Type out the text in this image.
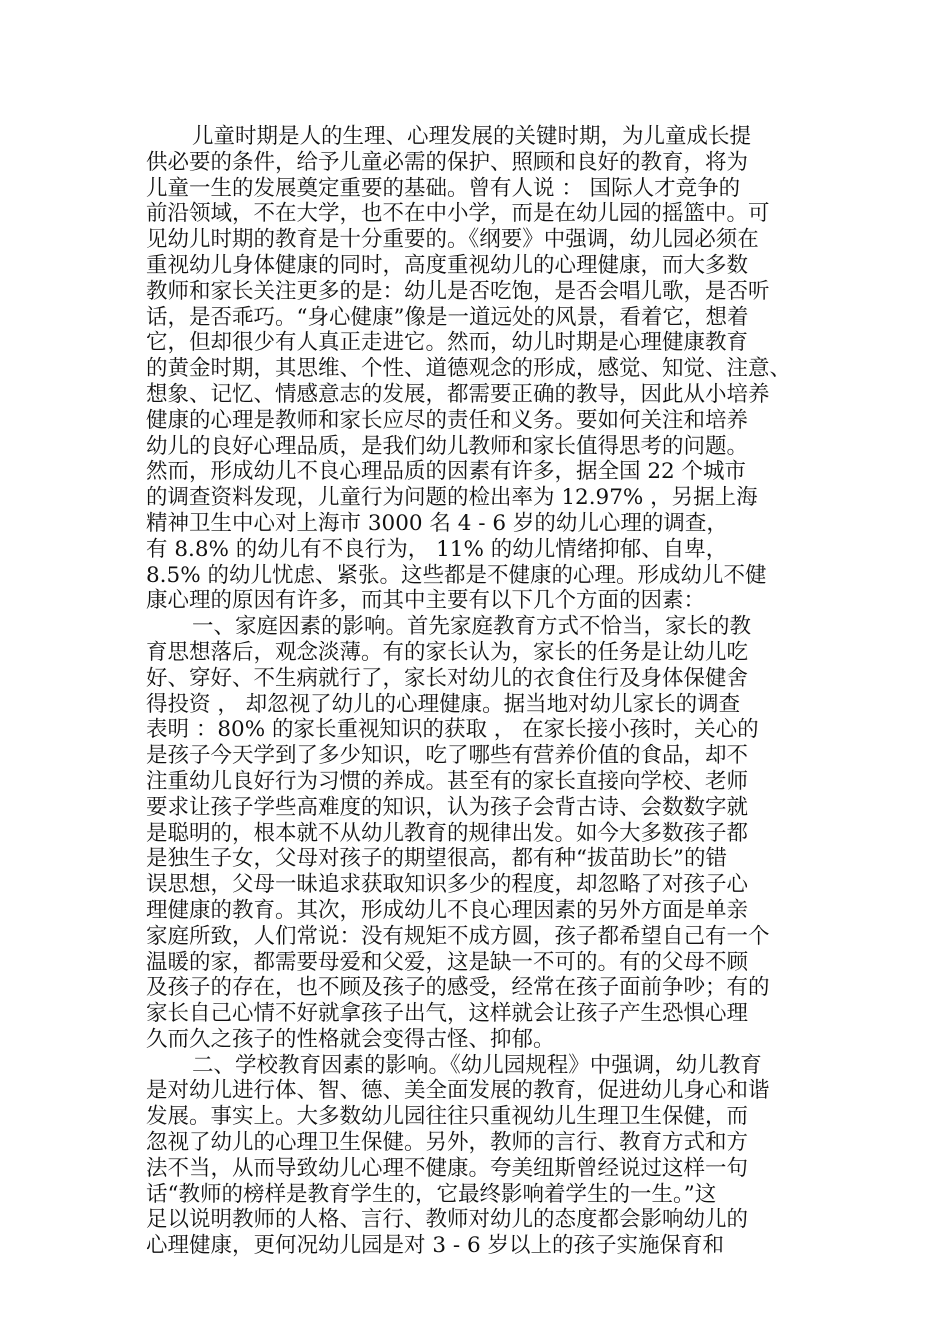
儿童时期是人的生理、心理发展的关键时期，为儿童成长提
供必要的条件，给予儿童必需的保护、照顾和良好的教育，将为
儿童一生的发展奠定重要的基础。曾有人说 ： 国际人才竞争的
前沿领域，不在大学，也不在中小学，而是在幼儿园的摇篮中。可
见幼儿时期的教育是十分重要的。《纲要》中强调，幼儿园必须在
重视幼儿身体健康的同时，高度重视幼儿的心理健康，而大多数
教师和家长关注更多的是：幼儿是否吃饱，是否会唱儿歌，是否听
话，是否乖巧。“身心健康”像是一道远处的风景，看着它，想着
它，但却很少有人真正走进它。然而，幼儿时期是心理健康教育
的黄金时期，其思维、个性、道德观念的形成，感觉、知觉、注意、
想象、记忆、情感意志的发展，都需要正确的教导，因此从小培养
健康的心理是教师和家长应尽的责任和义务。要如何关注和培养
幼儿的良好心理品质，是我们幼儿教师和家长值得思考的问题。
然而，形成幼儿不良心理品质的因素有许多，据全国 22 个城市
的调查资料发现，儿童行为问题的检出率为 12.97% ，另据上海
精神卫生中心对上海市 3000 名 4 - 6 岁的幼儿心理的调查，
有 8.8% 的幼儿有不良行为， 11% 的幼儿情绪抑郁、自卑，
8.5% 的幼儿忧虑、紧张。这些都是不健康的心理。形成幼儿不健
康心理的原因有许多，而其中主要有以下几个方面的因素：
一、家庭因素的影响。首先家庭教育方式不恰当，家长的教
育思想落后，观念淡薄。有的家长认为，家长的任务是让幼儿吃
好、穿好、不生病就行了，家长对幼儿的衣食住行及身体保健舍
得投资 ， 却忽视了幼儿的心理健康。据当地对幼儿家长的调查
表明 ：80% 的家长重视知识的获取 ， 在家长接小孩时，关心的
是孩子今天学到了多少知识，吃了哪些有营养价值的食品，却不
注重幼儿良好行为习惯的养成。甚至有的家长直接向学校、老师
要求让孩子学些高难度的知识，认为孩子会背古诗、会数数字就
是聪明的，根本就不从幼儿教育的规律出发。如今大多数孩子都
是独生子女，父母对孩子的期望很高，都有种“拔苗助长”的错
误思想，父母一昧追求获取知识多少的程度，却忽略了对孩子心
理健康的教育。其次，形成幼儿不良心理因素的另外方面是单亲
家庭所致，人们常说：没有规矩不成方圆，孩子都希望自己有一个
温暖的家，都需要母爱和父爱，这是缺一不可的。有的父母不顾
及孩子的存在，也不顾及孩子的感受，经常在孩子面前争吵；有的
家长自己心情不好就拿孩子出气，这样就会让孩子产生恐惧心理
久而久之孩子的性格就会变得古怪、抑郁。
二、学校教育因素的影响。《幼儿园规程》中强调，幼儿教育
是对幼儿进行体、智、德、美全面发展的教育，促进幼儿身心和谐
发展。事实上。大多数幼儿园往往只重视幼儿生理卫生保健，而
忽视了幼儿的心理卫生保健。另外，教师的言行、教育方式和方
法不当，从而导致幼儿心理不健康。夸美纽斯曾经说过这样一句
话“教师的榜样是教育学生的，它最终影响着学生的一生。”这
足以说明教师的人格、言行、教师对幼儿的态度都会影响幼儿的
心理健康，更何况幼儿园是对 3 - 6 岁以上的孩子实施保育和
